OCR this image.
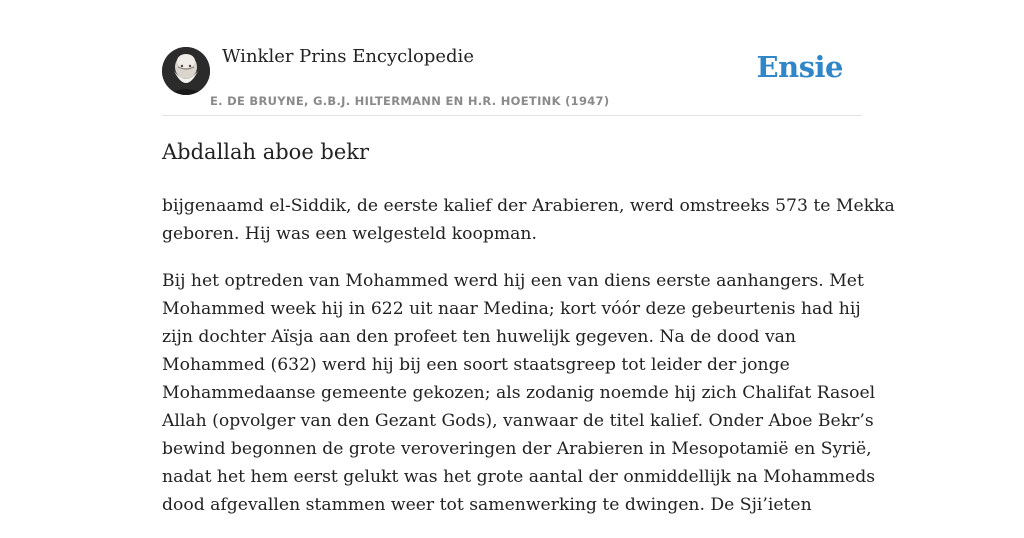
Winkler Prins Encyclopedie
E. DE BRUYNE, G.B.J. HILTERMANN EN H.R. HOETINK (1947)
Ensie
Abdallah aboe bekr

bijgenaamd el-Siddik, de eerste kalief der Arabieren, werd omstreeks 573 te Mekka
geboren. Hij was een welgesteld koopman.

Bij het optreden van Mohammed werd hij een van diens eerste aanhangers. Met
Mohammed week hij in 622 uit naar Medina; kort vóór deze gebeurtenis had hij
zijn dochter Aïsja aan den profeet ten huwelijk gegeven. Na de dood van
Mohammed (632) werd hij bij een soort staatsgreep tot leider der jonge
Mohammedaanse gemeente gekozen; als zodanig noemde hij zich Chalifat Rasoel
Allah (opvolger van den Gezant Gods), vanwaar de titel kalief. Onder Aboe Bekr’s
bewind begonnen de grote veroveringen der Arabieren in Mesopotamië en Syrië,
nadat het hem eerst gelukt was het grote aantal der onmiddellijk na Mohammeds
dood afgevallen stammen weer tot samenwerking te dwingen. De Sji’ieten
